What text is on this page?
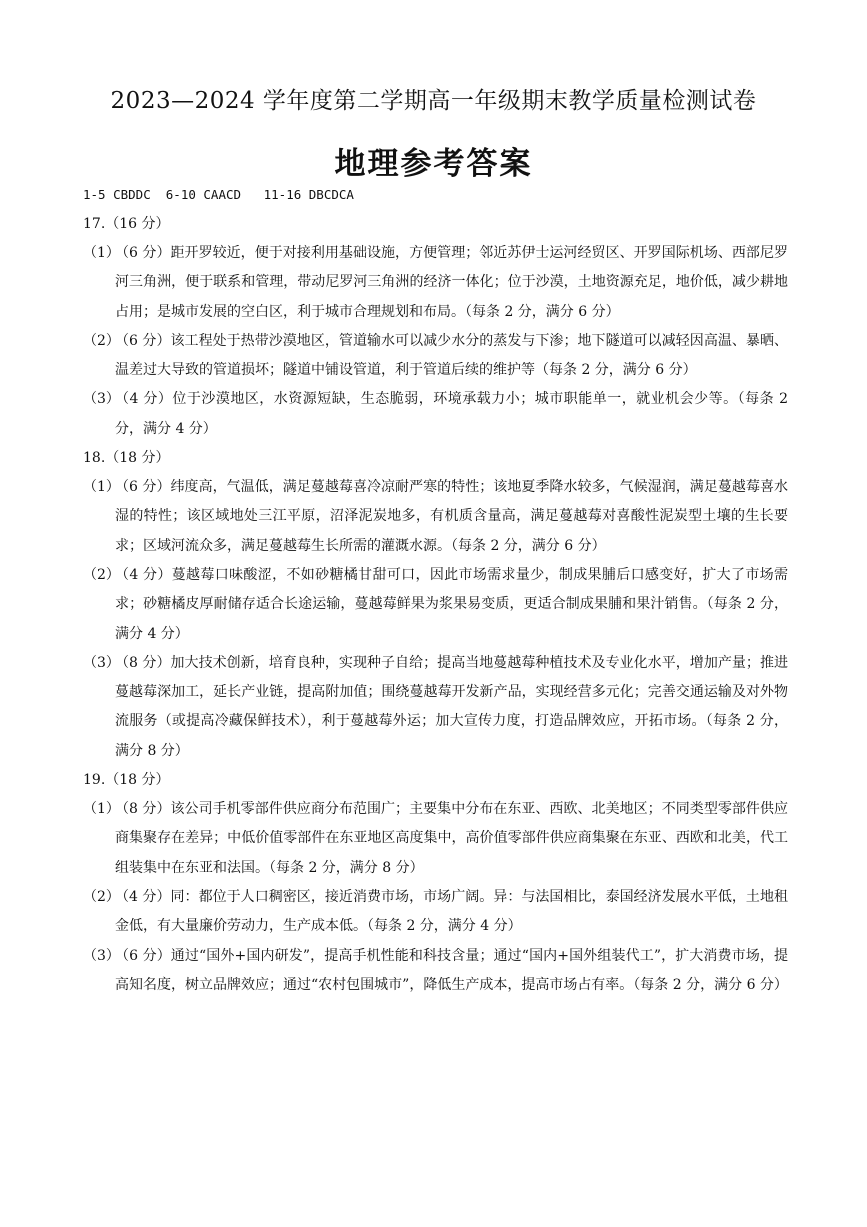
2023—2024 学年度第二学期高一年级期末教学质量检测试卷
地理参考答案
1-5 CBDDC  6-10 CAACD   11-16 DBCDCA
17.（16 分）
（1）
（6 分）距开罗较近，便于对接利用基础设施，方便管理；邻近苏伊士运河经贸区、开罗国际机场、西部尼罗河三角洲，便于联系和管理，带动尼罗河三角洲的经济一体化；位于沙漠，土地资源充足，地价低，减少耕地占用；是城市发展的空白区，利于城市合理规划和布局。（每条 2 分，满分 6 分）
（2）
（6 分）该工程处于热带沙漠地区，管道输水可以减少水分的蒸发与下渗；地下隧道可以减轻因高温、暴晒、温差过大导致的管道损坏；隧道中铺设管道，利于管道后续的维护等（每条 2 分，满分 6 分）
（3）
（4 分）位于沙漠地区，水资源短缺，生态脆弱，环境承载力小；城市职能单一，就业机会少等。（每条 2 分，满分 4 分）
18.（18 分）
（1）
（6 分）纬度高，气温低，满足蔓越莓喜冷凉耐严寒的特性；该地夏季降水较多，气候湿润，满足蔓越莓喜水湿的特性；该区域地处三江平原，沼泽泥炭地多，有机质含量高，满足蔓越莓对喜酸性泥炭型土壤的生长要求；区域河流众多，满足蔓越莓生长所需的灌溉水源。（每条 2 分，满分 6 分）
（2）
（4 分）蔓越莓口味酸涩，不如砂糖橘甘甜可口，因此市场需求量少，制成果脯后口感变好，扩大了市场需求；砂糖橘皮厚耐储存适合长途运输，蔓越莓鲜果为浆果易变质，更适合制成果脯和果汁销售。（每条 2 分，满分 4 分）
（3）
（8 分）加大技术创新，培育良种，实现种子自给；提高当地蔓越莓种植技术及专业化水平，增加产量；推进蔓越莓深加工，延长产业链，提高附加值；围绕蔓越莓开发新产品，实现经营多元化；完善交通运输及对外物流服务（或提高冷藏保鲜技术），利于蔓越莓外运；加大宣传力度，打造品牌效应，开拓市场。（每条 2 分，满分 8 分）
19.（18 分）
（1）
（8 分）该公司手机零部件供应商分布范围广；主要集中分布在东亚、西欧、北美地区；不同类型零部件供应商集聚存在差异；中低价值零部件在东亚地区高度集中，高价值零部件供应商集聚在东亚、西欧和北美，代工组装集中在东亚和法国。（每条 2 分，满分 8 分）
（2）
（4 分）同：都位于人口稠密区，接近消费市场，市场广阔。异：与法国相比，泰国经济发展水平低，土地租金低，有大量廉价劳动力，生产成本低。（每条 2 分，满分 4 分）
（3）
（6 分）通过“国外+国内研发”，提高手机性能和科技含量；通过“国内+国外组装代工”，扩大消费市场，提高知名度，树立品牌效应；通过“农村包围城市”，降低生产成本，提高市场占有率。（每条 2 分，满分 6 分）
